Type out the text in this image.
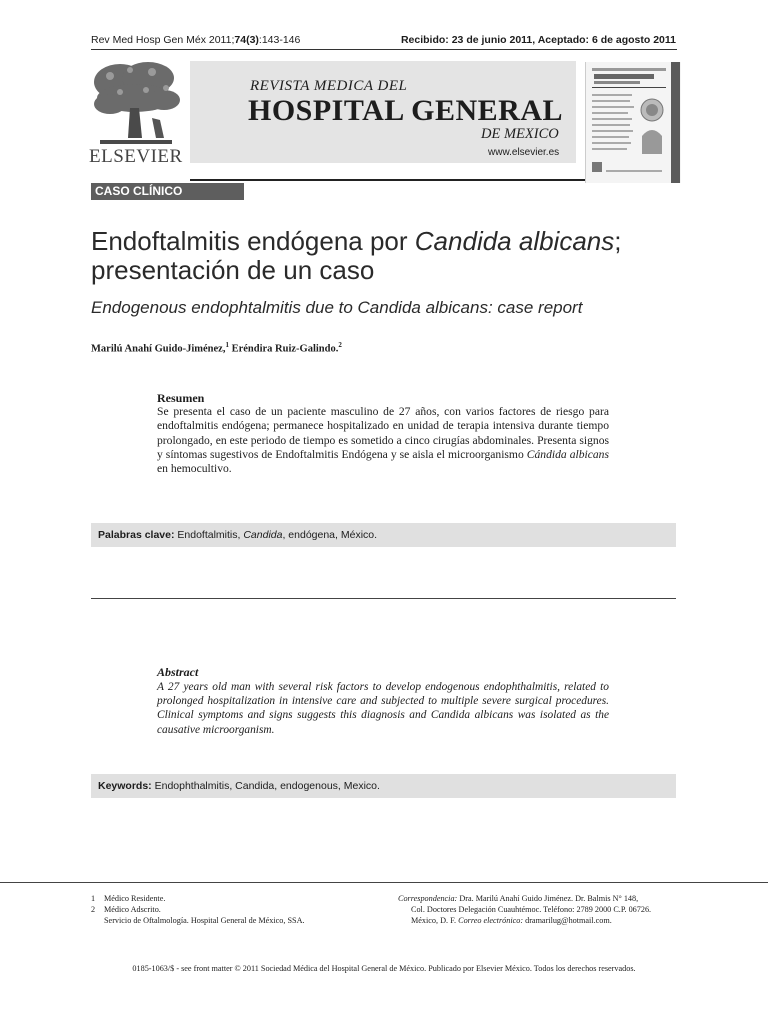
Rev Med Hosp Gen Méx 2011;74(3):143-146	Recibido: 23 de junio 2011, Aceptado: 6 de agosto 2011
ELSEVIER
REVISTA MEDICA DEL
HOSPITAL GENERAL
DE MEXICO
www.elsevier.es
CASO CLÍNICO
Endoftalmitis endógena por Candida albicans; presentación de un caso
Endogenous endophtalmitis due to Candida albicans: case report
Marilú Anahí Guido-Jiménez,$^1$ Eréndira Ruiz-Galindo.$^2$
Resumen
Se presenta el caso de un paciente masculino de 27 años, con varios factores de riesgo para endoftalmitis endógena; permanece hospitalizado en unidad de terapia intensiva durante tiempo prolongado, en este periodo de tiempo es sometido a cinco cirugías abdominales. Presenta signos y síntomas sugestivos de Endoftalmitis Endógena y se aisla el microorganismo Cándida albicans en hemocultivo.
Palabras clave: Endoftalmitis, Candida, endógena, México.
Abstract
A 27 years old man with several risk factors to develop endogenous endophthalmitis, related to prolonged hospitalization in intensive care and subjected to multiple severe surgical procedures. Clinical symptoms and signs suggests this diagnosis and Candida albicans was isolated as the causative microorganism.
Keywords: Endophthalmitis, Candida, endogenous, Mexico.
1 Médico Residente.
2 Médico Adscrito.
Servicio de Oftalmología. Hospital General de México, SSA.
Correspondencia: Dra. Marilú Anahí Guido Jiménez. Dr. Balmis N° 148,
Col. Doctores Delegación Cuauhtémoc. Teléfono: 2789 2000 C.P. 06726.
México, D. F. Correo electrónico: dramarilug@hotmail.com.
0185-1063/$ - see front matter © 2011 Sociedad Médica del Hospital General de México. Publicado por Elsevier México. Todos los derechos reservados.
